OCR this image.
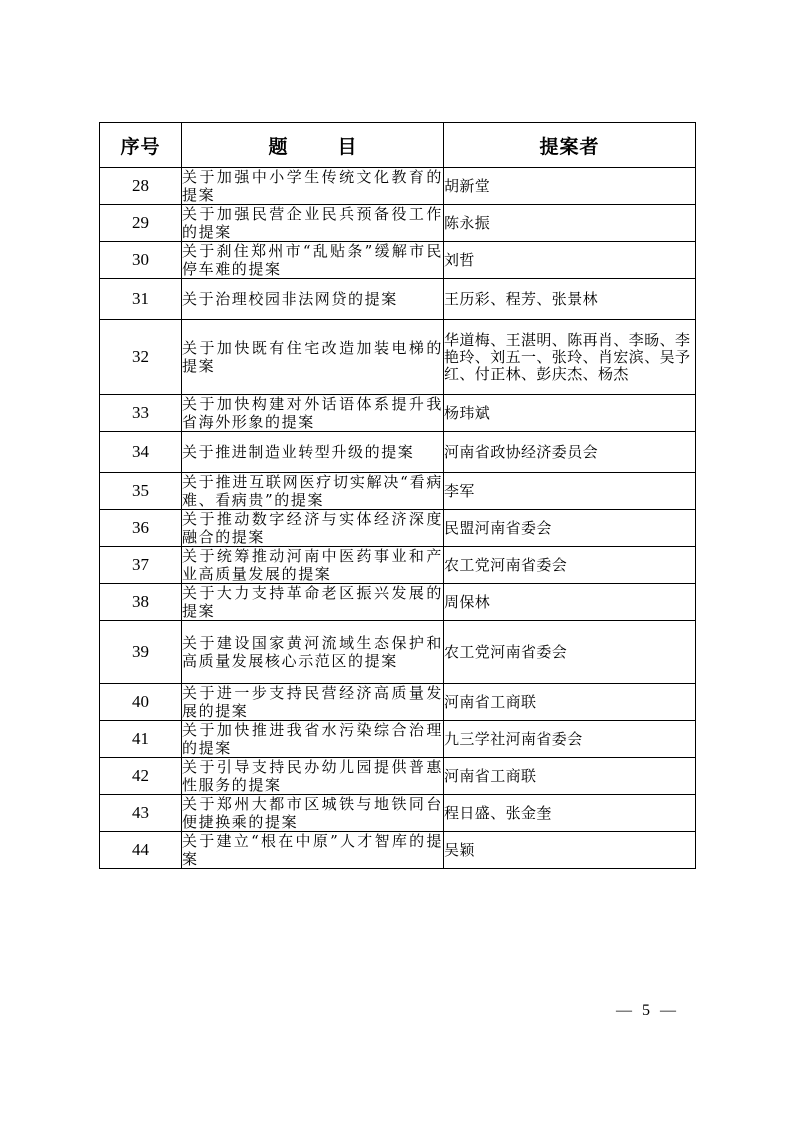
序号	题 目	提案者
28	关于加强中小学生传统文化教育的提案	胡新堂
29	关于加强民营企业民兵预备役工作的提案	陈永振
30	关于刹住郑州市“乱贴条”缓解市民停车难的提案	刘哲
31	关于治理校园非法网贷的提案	王历彩、程芳、张景林
32	关于加快既有住宅改造加装电梯的提案	华道梅、王湛明、陈再肖、李旸、李艳玲、刘五一、张玲、肖宏滨、吴予红、付正林、彭庆杰、杨杰
33	关于加快构建对外话语体系提升我省海外形象的提案	杨玮斌
34	关于推进制造业转型升级的提案	河南省政协经济委员会
35	关于推进互联网医疗切实解决“看病难、看病贵”的提案	李军
36	关于推动数字经济与实体经济深度融合的提案	民盟河南省委会
37	关于统筹推动河南中医药事业和产业高质量发展的提案	农工党河南省委会
38	关于大力支持革命老区振兴发展的提案	周保林
39	关于建设国家黄河流域生态保护和高质量发展核心示范区的提案	农工党河南省委会
40	关于进一步支持民营经济高质量发展的提案	河南省工商联
41	关于加快推进我省水污染综合治理的提案	九三学社河南省委会
42	关于引导支持民办幼儿园提供普惠性服务的提案	河南省工商联
43	关于郑州大都市区城铁与地铁同台便捷换乘的提案	程日盛、张金奎
44	关于建立“根在中原”人才智库的提案	吴颖
— 5 —
